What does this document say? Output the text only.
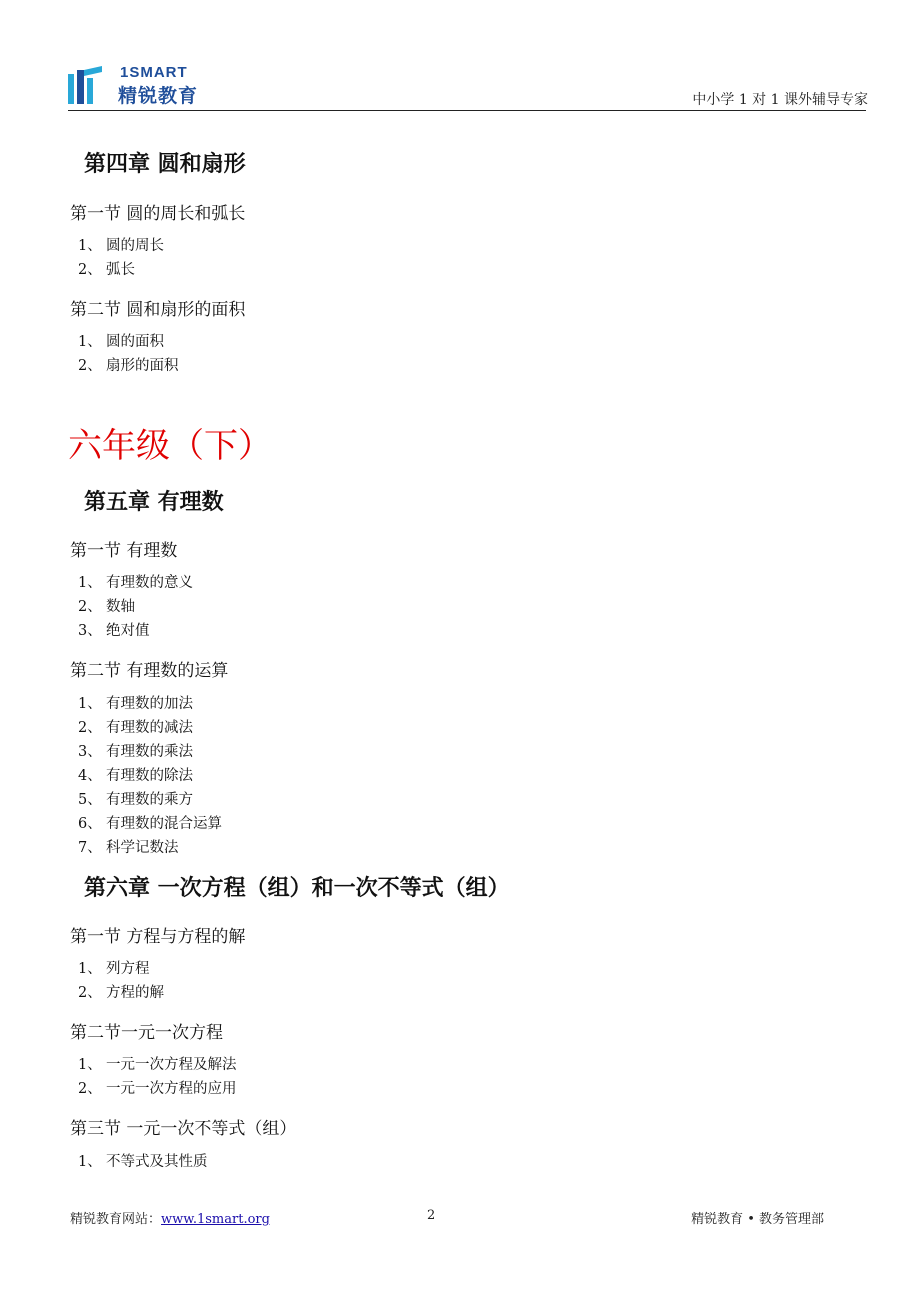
1SMART
精锐教育	中小学 1 对 1 课外辅导专家
第四章 圆和扇形
第一节 圆的周长和弧长
1、 圆的周长
2、 弧长
第二节 圆和扇形的面积
1、 圆的面积
2、 扇形的面积
六年级（下）
第五章 有理数
第一节 有理数
1、 有理数的意义
2、 数轴
3、 绝对值
第二节 有理数的运算
1、 有理数的加法
2、 有理数的减法
3、 有理数的乘法
4、 有理数的除法
5、 有理数的乘方
6、 有理数的混合运算
7、 科学记数法
第六章 一次方程（组）和一次不等式（组）
第一节 方程与方程的解
1、 列方程
2、 方程的解
第二节一元一次方程
1、 一元一次方程及解法
2、 一元一次方程的应用
第三节 一元一次不等式（组）
1、 不等式及其性质
精锐教育网站：www.1smart.org	2	精锐教育 • 教务管理部
